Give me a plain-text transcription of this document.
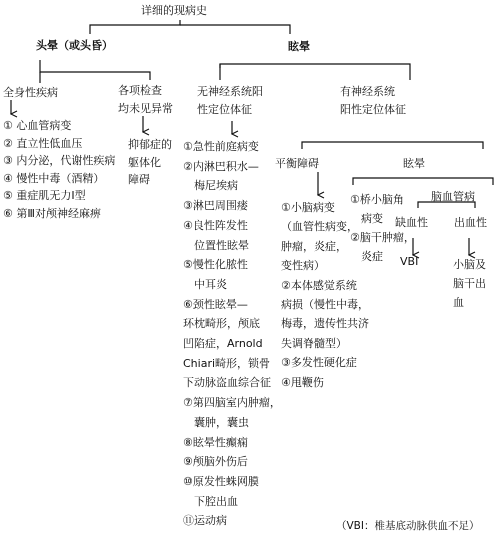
详细的现病史
头晕（或头昏）	眩晕
全身性疾病
① 心血管病变
② 直立性低血压
③ 内分泌，代谢性疾病
④ 慢性中毒（酒精）
⑤ 重症肌无力Ⅰ型
⑥ 第Ⅲ对颅神经麻痹
各项检查
均未见异常
抑郁症的
躯体化
障碍
无神经系统阳
性定位体征
①急性前庭病变
②内淋巴积水—
　梅尼埃病
③淋巴周围瘘
④良性阵发性
　位置性眩晕
⑤慢性化脓性
　中耳炎
⑥颈性眩晕—
环枕畸形，颅底
凹陷症，Arnold
Chiari畸形，锁骨
下动脉盗血综合征
⑦第四脑室内肿瘤，
　囊肿，囊虫
⑧眩晕性癫痫
⑨颅脑外伤后
⑩原发性蛛网膜
　下腔出血
⑪运动病
有神经系统
阳性定位体征
平衡障碍
①小脑病变
（血管性病变，
肿瘤，炎症，
变性病）
②本体感觉系统
病损（慢性中毒，
梅毒，遗传性共济
失调脊髓型）
③多发性硬化症
④甩鞭伤
眩晕
①桥小脑角
　病变
②脑干肿瘤，
　炎症
脑血管病
缺血性
VBI
出血性
小脑及
脑干出
血
（VBI：椎基底动脉供血不足）
